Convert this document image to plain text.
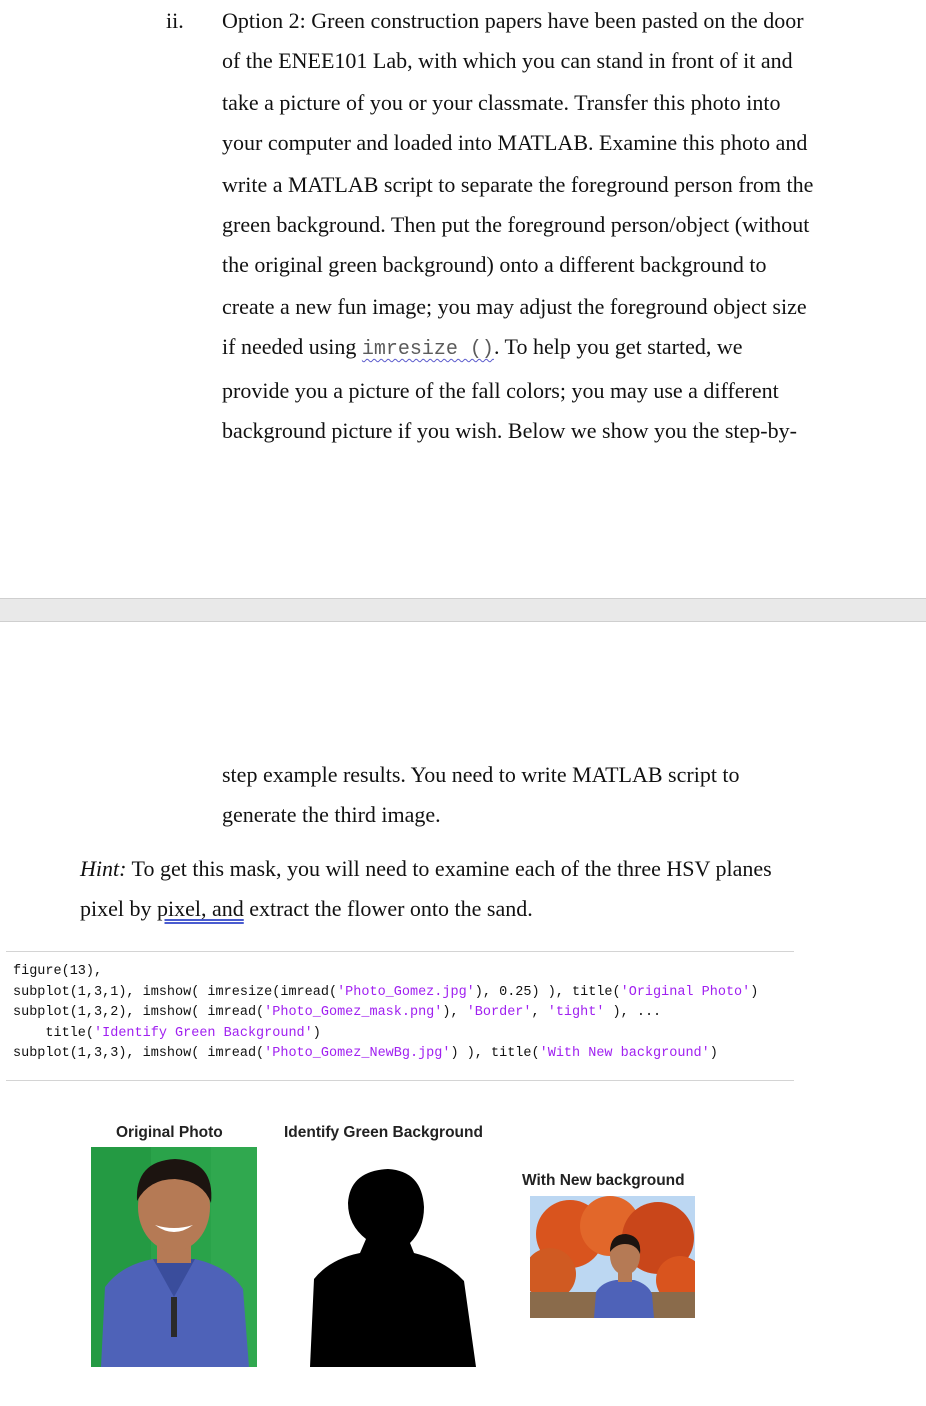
ii. Option 2: Green construction papers have been pasted on the door
of the ENEE101 Lab, with which you can stand in front of it and
take a picture of you or your classmate. Transfer this photo into
your computer and loaded into MATLAB. Examine this photo and
write a MATLAB script to separate the foreground person from the
green background. Then put the foreground person/object (without
the original green background) onto a different background to
create a new fun image; you may adjust the foreground object size
if needed using imresize (). To help you get started, we
provide you a picture of the fall colors; you may use a different
background picture if you wish. Below we show you the step-by-
step example results. You need to write MATLAB script to
generate the third image.
Hint: To get this mask, you will need to examine each of the three HSV planes
pixel by pixel, and extract the flower onto the sand.
figure(13),
subplot(1,3,1), imshow( imresize(imread('Photo_Gomez.jpg'), 0.25) ), title('Original Photo')
subplot(1,3,2), imshow( imread('Photo_Gomez_mask.png'), 'Border', 'tight' ), ...
title('Identify Green Background')
subplot(1,3,3), imshow( imread('Photo_Gomez_NewBg.jpg') ), title('With New background')
Original Photo	Identify Green Background
With New background
